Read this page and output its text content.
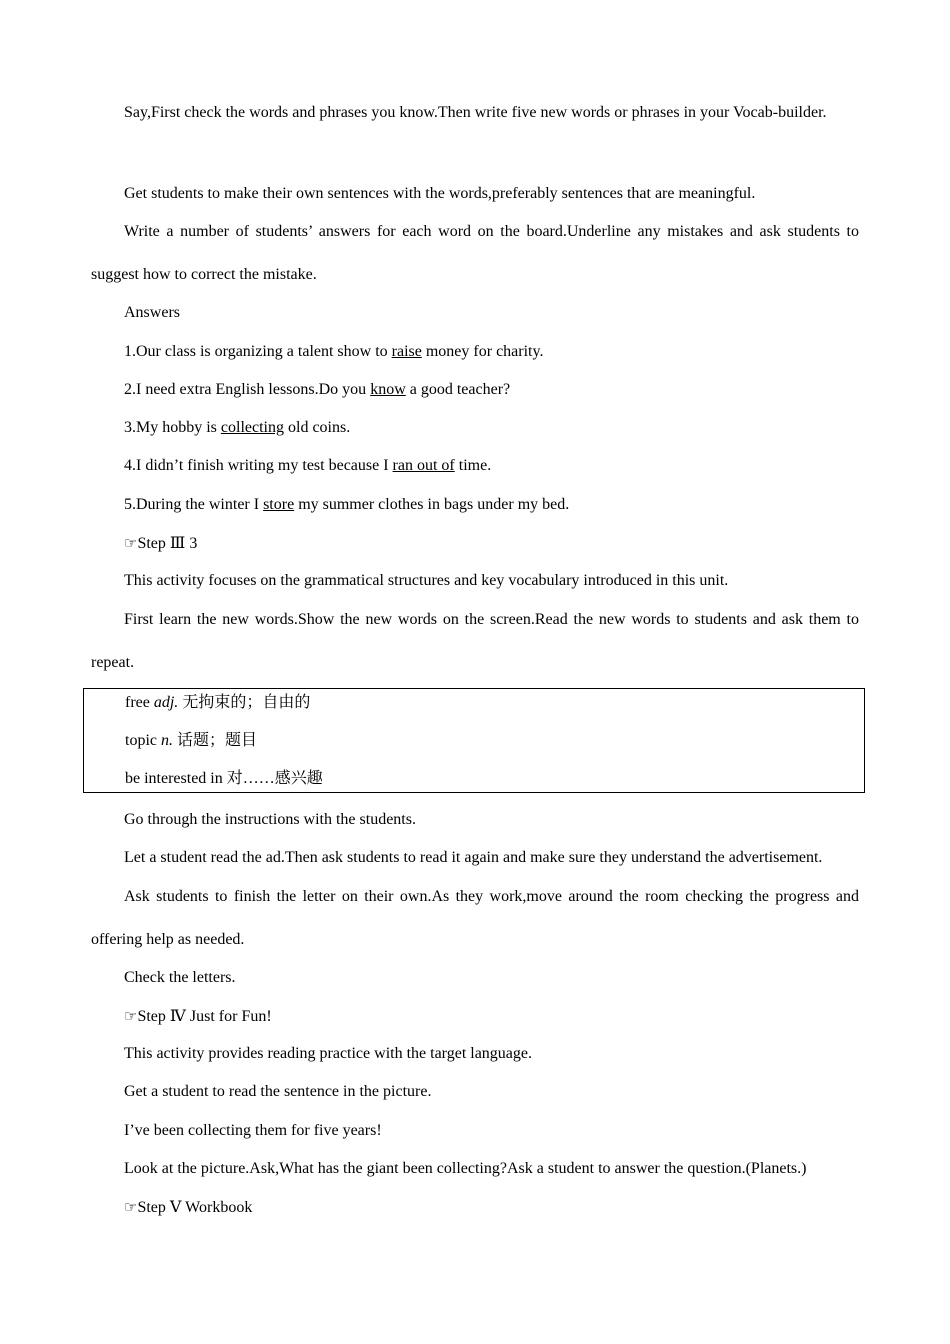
Say,First check the words and phrases you know.Then write five new words or phrases in your Vocab-builder.

Get students to make their own sentences with the words,preferably sentences that are meaningful.

Write a number of students’ answers for each word on the board.Underline any mistakes and ask students to suggest how to correct the mistake.

Answers

1.Our class is organizing a talent show to raise money for charity.

2.I need extra English lessons.Do you know a good teacher?

3.My hobby is collecting old coins.

4.I didn’t finish writing my test because I ran out of time.

5.During the winter I store my summer clothes in bags under my bed.

☞Step Ⅲ 3

This activity focuses on the grammatical structures and key vocabulary introduced in this unit.

First learn the new words.Show the new words on the screen.Read the new words to students and ask them to repeat.

free adj. 无拘束的；自由的
topic n. 话题；题目
be interested in 对……感兴趣

Go through the instructions with the students.

Let a student read the ad.Then ask students to read it again and make sure they understand the advertisement.

Ask students to finish the letter on their own.As they work,move around the room checking the progress and offering help as needed.

Check the letters.

☞Step Ⅳ Just for Fun!

This activity provides reading practice with the target language.

Get a student to read the sentence in the picture.

I’ve been collecting them for five years!

Look at the picture.Ask,What has the giant been collecting?Ask a student to answer the question.(Planets.)

☞Step Ⅴ Workbook
